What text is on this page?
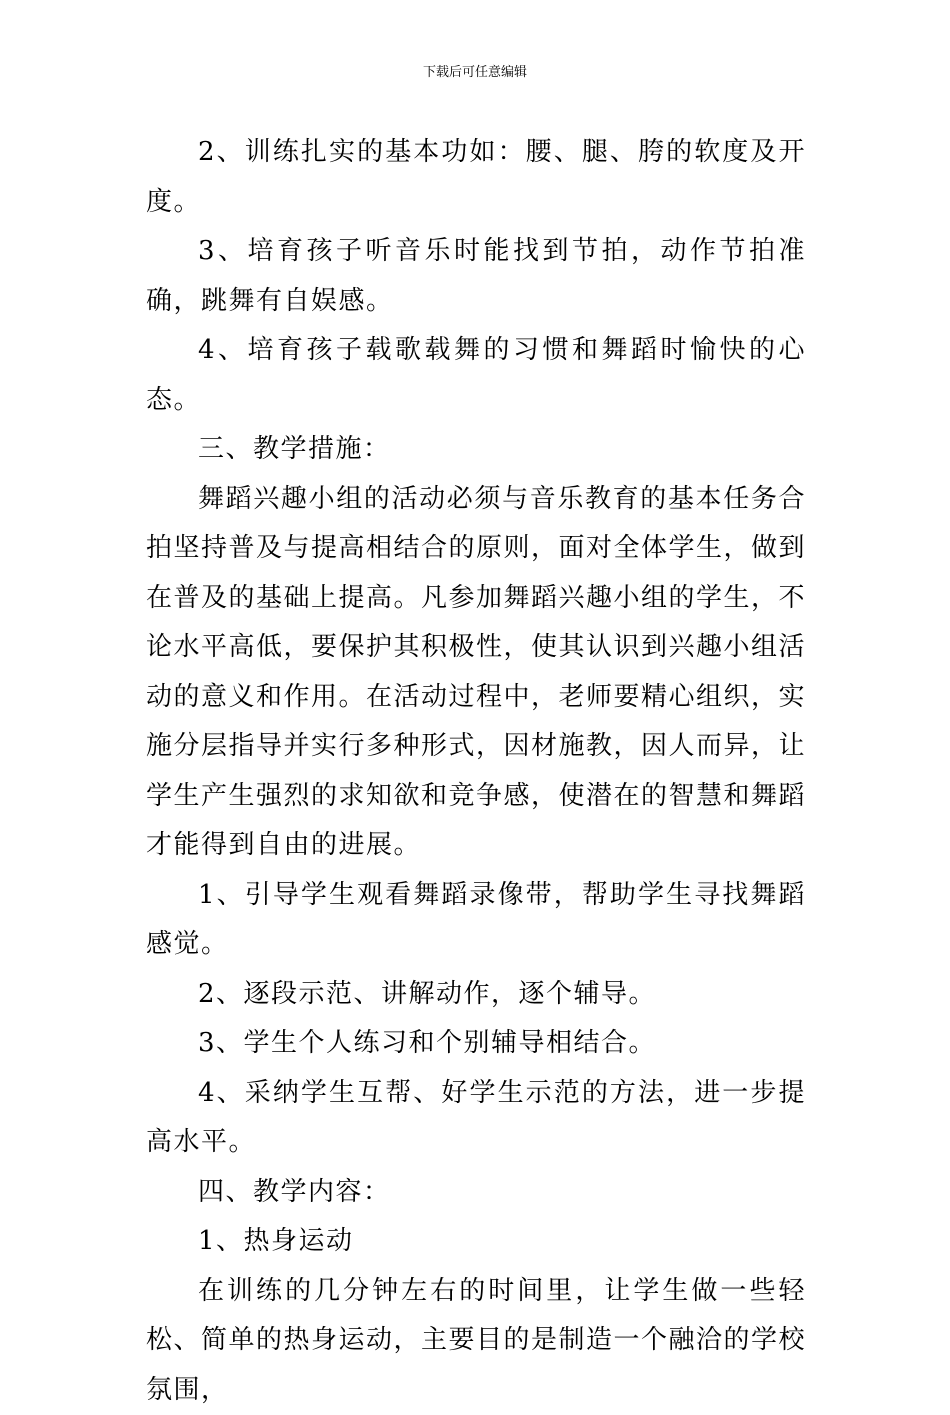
下载后可任意编辑

2、训练扎实的基本功如：腰、腿、胯的软度及开度。

3、培育孩子听音乐时能找到节拍，动作节拍准确，跳舞有自娱感。

4、培育孩子载歌载舞的习惯和舞蹈时愉快的心态。

三、教学措施：

舞蹈兴趣小组的活动必须与音乐教育的基本任务合拍坚持普及与提高相结合的原则，面对全体学生，做到在普及的基础上提高。凡参加舞蹈兴趣小组的学生，不论水平高低，要保护其积极性，使其认识到兴趣小组活动的意义和作用。在活动过程中，老师要精心组织，实施分层指导并实行多种形式，因材施教，因人而异，让学生产生强烈的求知欲和竞争感，使潜在的智慧和舞蹈才能得到自由的进展。

1、引导学生观看舞蹈录像带，帮助学生寻找舞蹈感觉。

2、逐段示范、讲解动作，逐个辅导。

3、学生个人练习和个别辅导相结合。

4、采纳学生互帮、好学生示范的方法，进一步提高水平。

四、教学内容：

1、热身运动

在训练的几分钟左右的时间里，让学生做一些轻松、简单的热身运动，主要目的是制造一个融洽的学校氛围，
